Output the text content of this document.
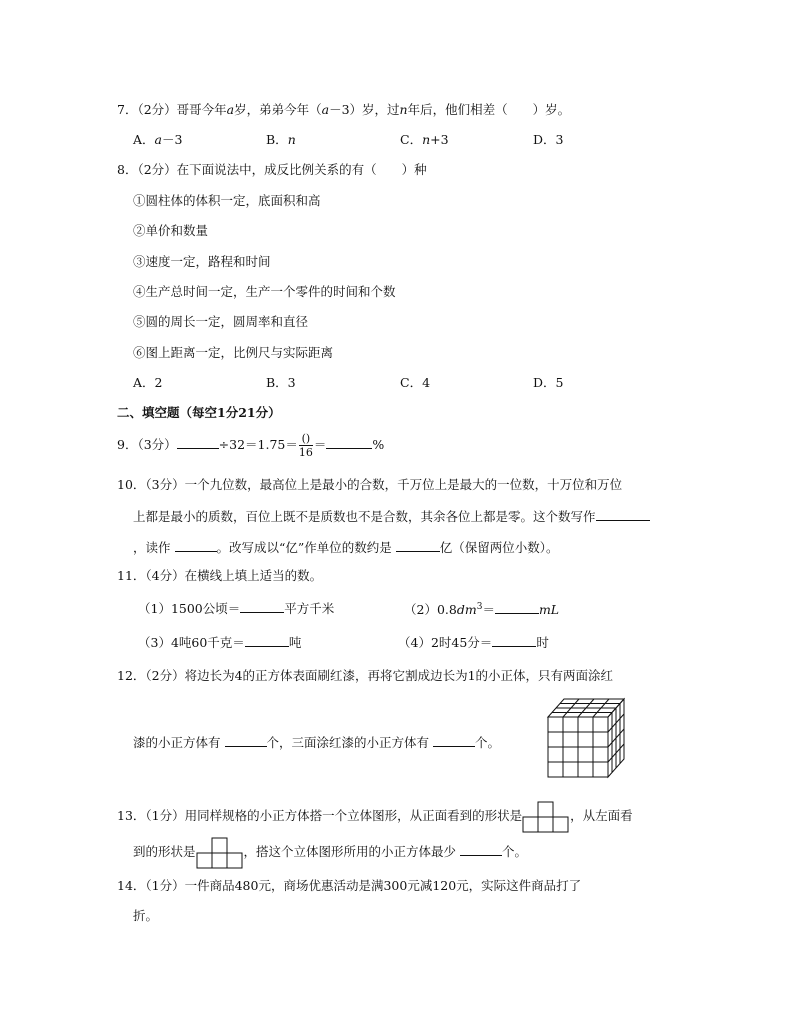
7．（2分）哥哥今年a岁，弟弟今年（a－3）岁，过n年后，他们相差（　　）岁。
A．a－3	B．n	C．n+3	D．3
8．（2分）在下面说法中，成反比例关系的有（　　）种
①圆柱体的体积一定，底面积和高
②单价和数量
③速度一定，路程和时间
④生产总时间一定，生产一个零件的时间和个数
⑤圆的周长一定，圆周率和直径
⑥图上距离一定，比例尺与实际距离
A．2	B．3	C．4	D．5
二、填空题（每空1分21分）
9．（3分）	$\div 32=1.75= \frac{()}{16}$ ＝	%
10．（3分）一个九位数，最高位上是最小的合数，千万位上是最大的一位数，十万位和万位
上都是最小的质数，百位上既不是质数也不是合数，其余各位上都是零。这个数写作
，读作	。改写成以“亿”作单位的数约是	亿（保留两位小数）。
11．（4分）在横线上填上适当的数。
（1）1500公顷＝	平方千米	$(2)0.8dm^3=$	mL
（3）4吨60千克＝	吨	（4）2时45分＝	时
12．（2分）将边长为4的正方体表面刷红漆，再将它割成边长为1的小正体，只有两面涂红
漆的小正方体有	个，三面涂红漆的小正方体有	个。
13．（1分）用同样规格的小正方体搭一个立体图形，从正面看到的形状是	，从左面看
到的形状是	，搭这个立体图形所用的小正方体最少	个。
14．（1分）一件商品480元，商场优惠活动是满300元减120元，实际这件商品打了
折。
